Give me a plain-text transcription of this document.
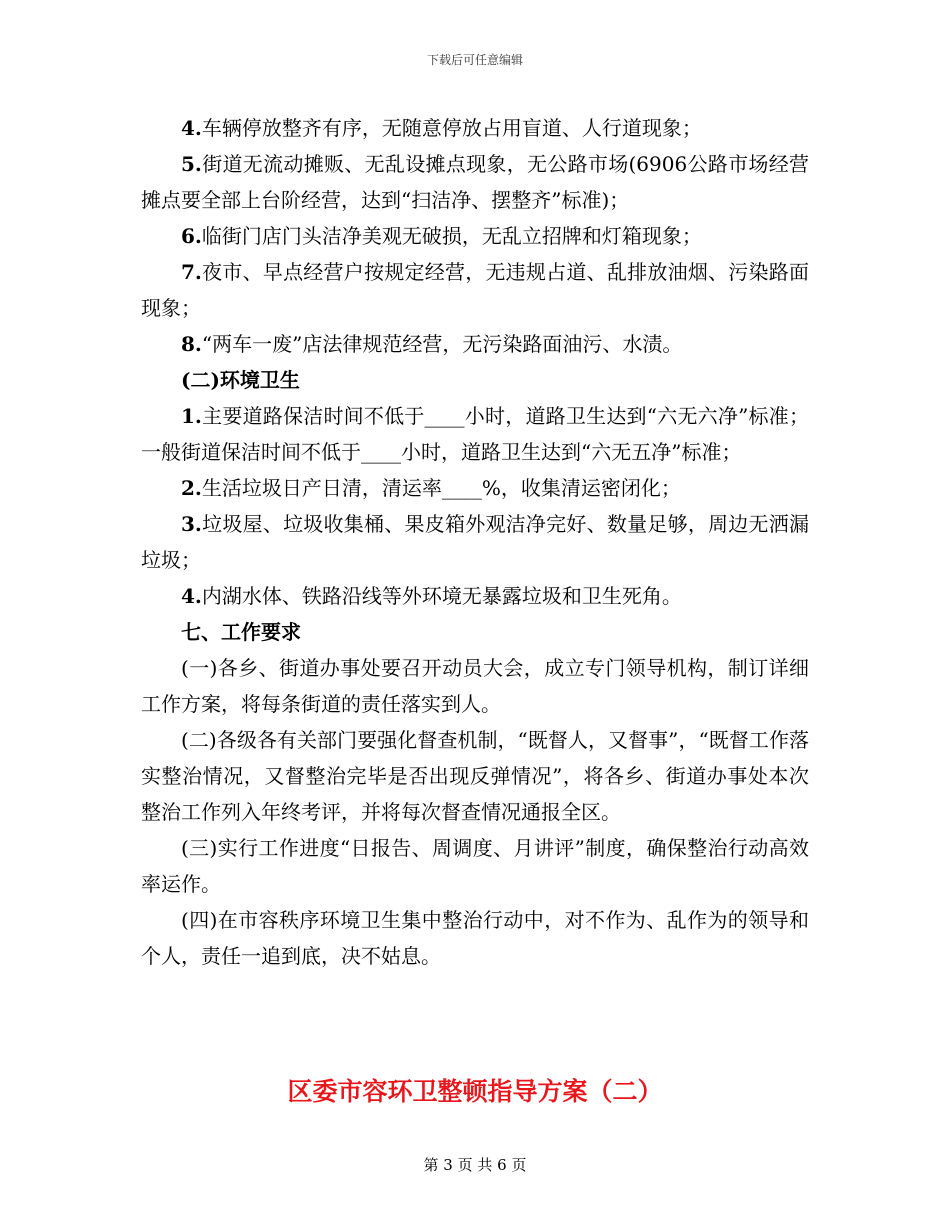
下载后可任意编辑

4.车辆停放整齐有序，无随意停放占用盲道、人行道现象；

5.街道无流动摊贩、无乱设摊点现象，无公路市场(6906公路市场经营摊点要全部上台阶经营，达到“扫洁净、摆整齐”标准)；

6.临街门店门头洁净美观无破损，无乱立招牌和灯箱现象；

7.夜市、早点经营户按规定经营，无违规占道、乱排放油烟、污染路面现象；

8.“两车一废”店法律规范经营，无污染路面油污、水渍。

(二)环境卫生

1.主要道路保洁时间不低于____小时，道路卫生达到“六无六净”标准；一般街道保洁时间不低于____小时，道路卫生达到“六无五净”标准；

2.生活垃圾日产日清，清运率____%，收集清运密闭化；

3.垃圾屋、垃圾收集桶、果皮箱外观洁净完好、数量足够，周边无洒漏垃圾；

4.内湖水体、铁路沿线等外环境无暴露垃圾和卫生死角。

七、工作要求

(一)各乡、街道办事处要召开动员大会，成立专门领导机构，制订详细工作方案，将每条街道的责任落实到人。

(二)各级各有关部门要强化督查机制，“既督人，又督事”，“既督工作落实整治情况，又督整治完毕是否出现反弹情况”，将各乡、街道办事处本次整治工作列入年终考评，并将每次督查情况通报全区。

(三)实行工作进度“日报告、周调度、月讲评”制度，确保整治行动高效率运作。

(四)在市容秩序环境卫生集中整治行动中，对不作为、乱作为的领导和个人，责任一追到底，决不姑息。

区委市容环卫整顿指导方案（二）
第 3 页 共 6 页
